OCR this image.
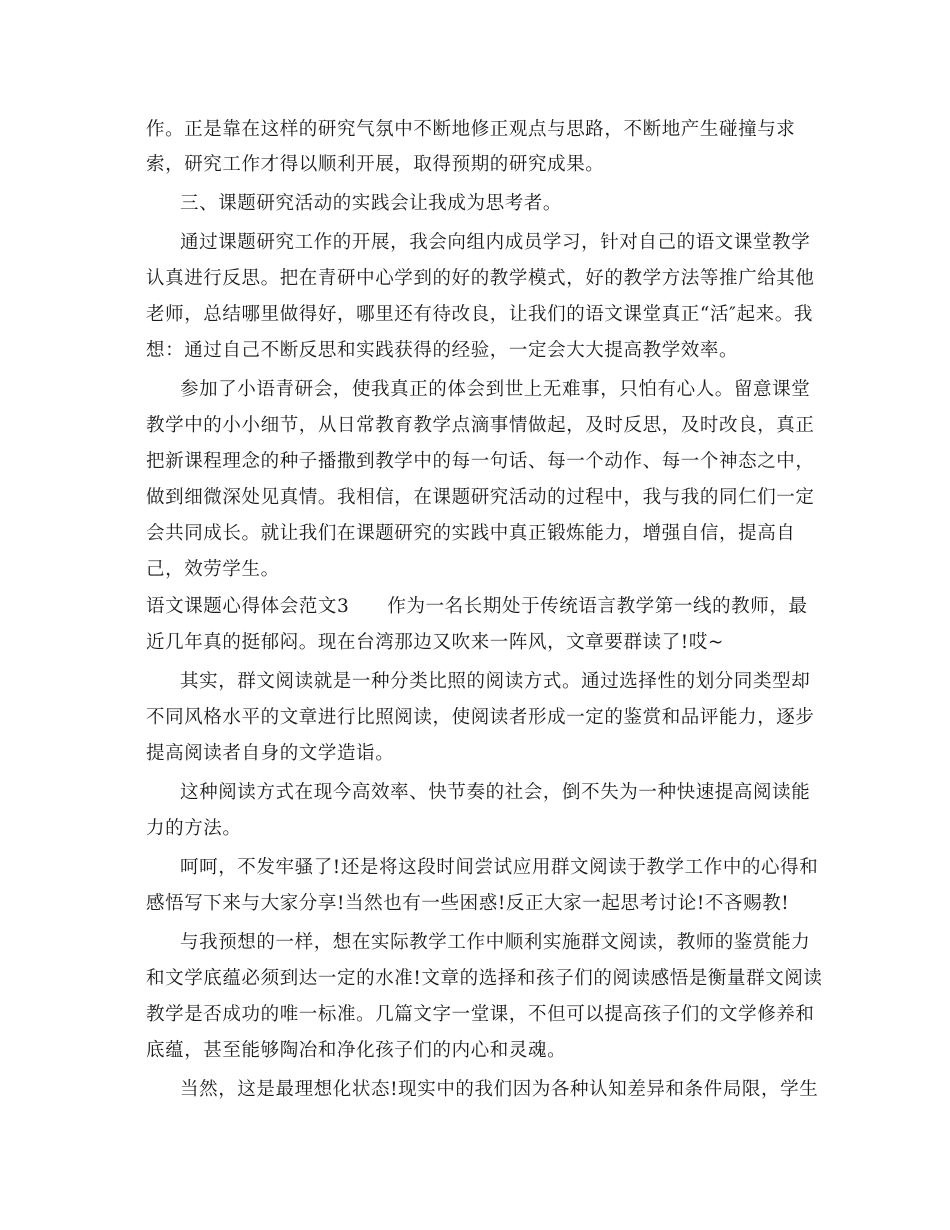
作。正是靠在这样的研究气氛中不断地修正观点与思路，不断地产生碰撞与求
索，研究工作才得以顺利开展，取得预期的研究成果。
三、课题研究活动的实践会让我成为思考者。
通过课题研究工作的开展，我会向组内成员学习，针对自己的语文课堂教学
认真进行反思。把在青研中心学到的好的教学模式，好的教学方法等推广给其他
老师，总结哪里做得好，哪里还有待改良，让我们的语文课堂真正“活″起来。我
想：通过自己不断反思和实践获得的经验，一定会大大提高教学效率。
参加了小语青研会，使我真正的体会到世上无难事，只怕有心人。留意课堂
教学中的小小细节，从日常教育教学点滴事情做起，及时反思，及时改良，真正
把新课程理念的种子播撒到教学中的每一句话、每一个动作、每一个神态之中，
做到细微深处见真情。我相信，在课题研究活动的过程中，我与我的同仁们一定
会共同成长。就让我们在课题研究的实践中真正锻炼能力，增强自信，提高自
己，效劳学生。
语文课题心得体会范文3 作为一名长期处于传统语言教学第一线的教师，最
近几年真的挺郁闷。现在台湾那边又吹来一阵风，文章要群读了!哎~
其实，群文阅读就是一种分类比照的阅读方式。通过选择性的划分同类型却
不同风格水平的文章进行比照阅读，使阅读者形成一定的鉴赏和品评能力，逐步
提高阅读者自身的文学造诣。
这种阅读方式在现今高效率、快节奏的社会，倒不失为一种快速提高阅读能
力的方法。
呵呵，不发牢骚了!还是将这段时间尝试应用群文阅读于教学工作中的心得和
感悟写下来与大家分享!当然也有一些困惑!反正大家一起思考讨论!不吝赐教!
与我预想的一样，想在实际教学工作中顺利实施群文阅读，教师的鉴赏能力
和文学底蕴必须到达一定的水准!文章的选择和孩子们的阅读感悟是衡量群文阅读
教学是否成功的唯一标准。几篇文字一堂课，不但可以提高孩子们的文学修养和
底蕴，甚至能够陶冶和净化孩子们的内心和灵魂。
当然，这是最理想化状态!现实中的我们因为各种认知差异和条件局限，学生
